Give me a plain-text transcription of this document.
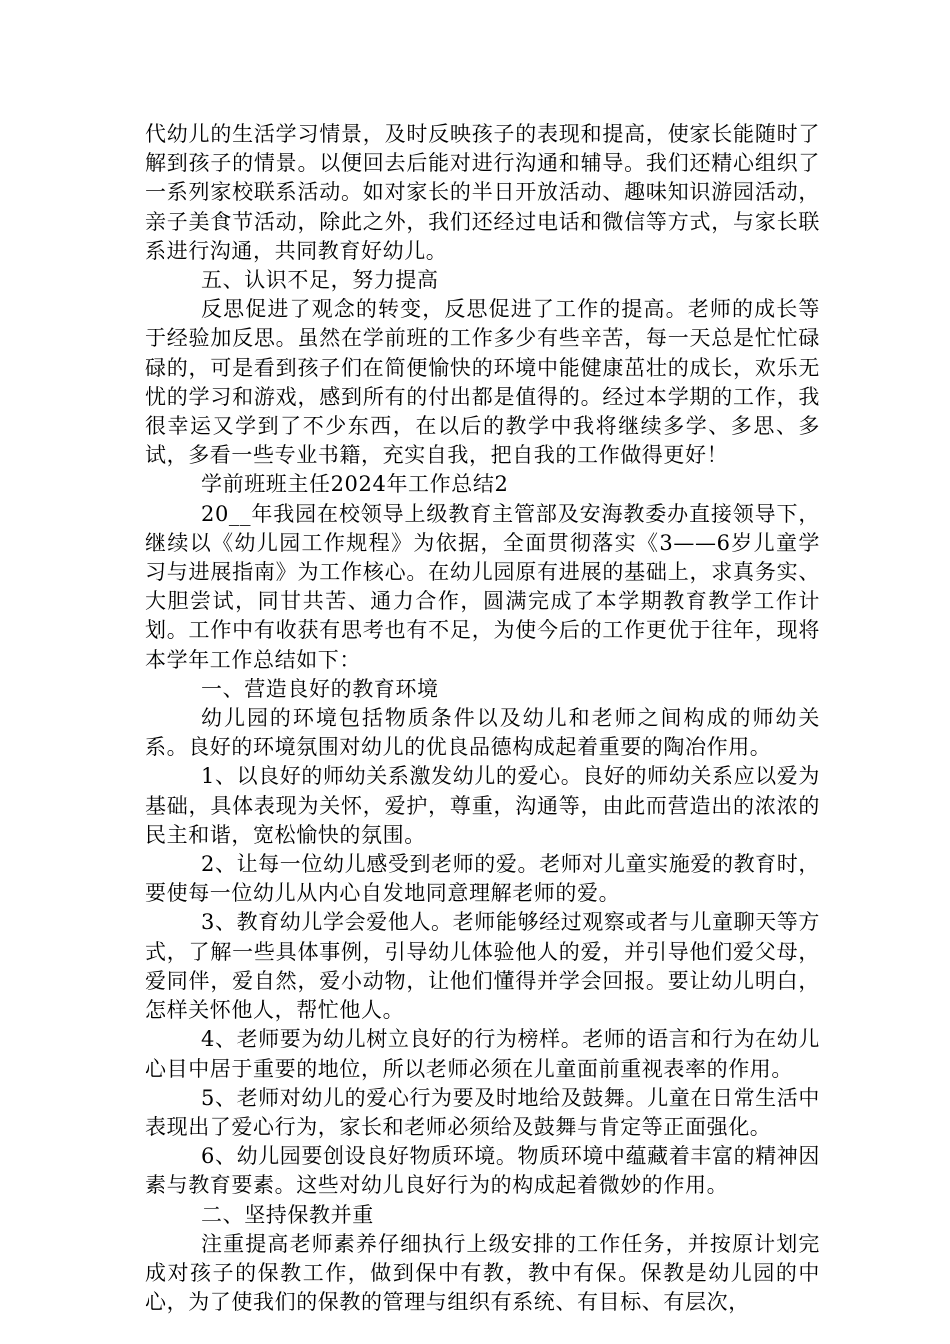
代幼儿的生活学习情景，及时反映孩子的表现和提高，使家长能随时了解到孩子的情景。以便回去后能对进行沟通和辅导。我们还精心组织了一系列家校联系活动。如对家长的半日开放活动、趣味知识游园活动，亲子美食节活动，除此之外，我们还经过电话和微信等方式，与家长联系进行沟通，共同教育好幼儿。

五、认识不足，努力提高

反思促进了观念的转变，反思促进了工作的提高。老师的成长等于经验加反思。虽然在学前班的工作多少有些辛苦，每一天总是忙忙碌碌的，可是看到孩子们在简便愉快的环境中能健康茁壮的成长，欢乐无忧的学习和游戏，感到所有的付出都是值得的。经过本学期的工作，我很幸运又学到了不少东西，在以后的教学中我将继续多学、多思、多试，多看一些专业书籍，充实自我，把自我的工作做得更好！

学前班班主任2024年工作总结2

20__年我园在校领导上级教育主管部及安海教委办直接领导下，继续以《幼儿园工作规程》为依据，全面贯彻落实《3——6岁儿童学习与进展指南》为工作核心。在幼儿园原有进展的基础上，求真务实、大胆尝试，同甘共苦、通力合作，圆满完成了本学期教育教学工作计划。工作中有收获有思考也有不足，为使今后的工作更优于往年，现将本学年工作总结如下：

一、营造良好的教育环境

幼儿园的环境包括物质条件以及幼儿和老师之间构成的师幼关系。良好的环境氛围对幼儿的优良品德构成起着重要的陶冶作用。

1、以良好的师幼关系激发幼儿的爱心。良好的师幼关系应以爱为基础，具体表现为关怀，爱护，尊重，沟通等，由此而营造出的浓浓的民主和谐，宽松愉快的氛围。

2、让每一位幼儿感受到老师的爱。老师对儿童实施爱的教育时，要使每一位幼儿从内心自发地同意理解老师的爱。

3、教育幼儿学会爱他人。老师能够经过观察或者与儿童聊天等方式，了解一些具体事例，引导幼儿体验他人的爱，并引导他们爱父母，爱同伴，爱自然，爱小动物，让他们懂得并学会回报。要让幼儿明白，怎样关怀他人，帮忙他人。

4、老师要为幼儿树立良好的行为榜样。老师的语言和行为在幼儿心目中居于重要的地位，所以老师必须在儿童面前重视表率的作用。

5、老师对幼儿的爱心行为要及时地给及鼓舞。儿童在日常生活中表现出了爱心行为，家长和老师必须给及鼓舞与肯定等正面强化。

6、幼儿园要创设良好物质环境。物质环境中蕴藏着丰富的精神因素与教育要素。这些对幼儿良好行为的构成起着微妙的作用。

二、坚持保教并重

注重提高老师素养仔细执行上级安排的工作任务，并按原计划完成对孩子的保教工作，做到保中有教，教中有保。保教是幼儿园的中心，为了使我们的保教的管理与组织有系统、有目标、有层次，
